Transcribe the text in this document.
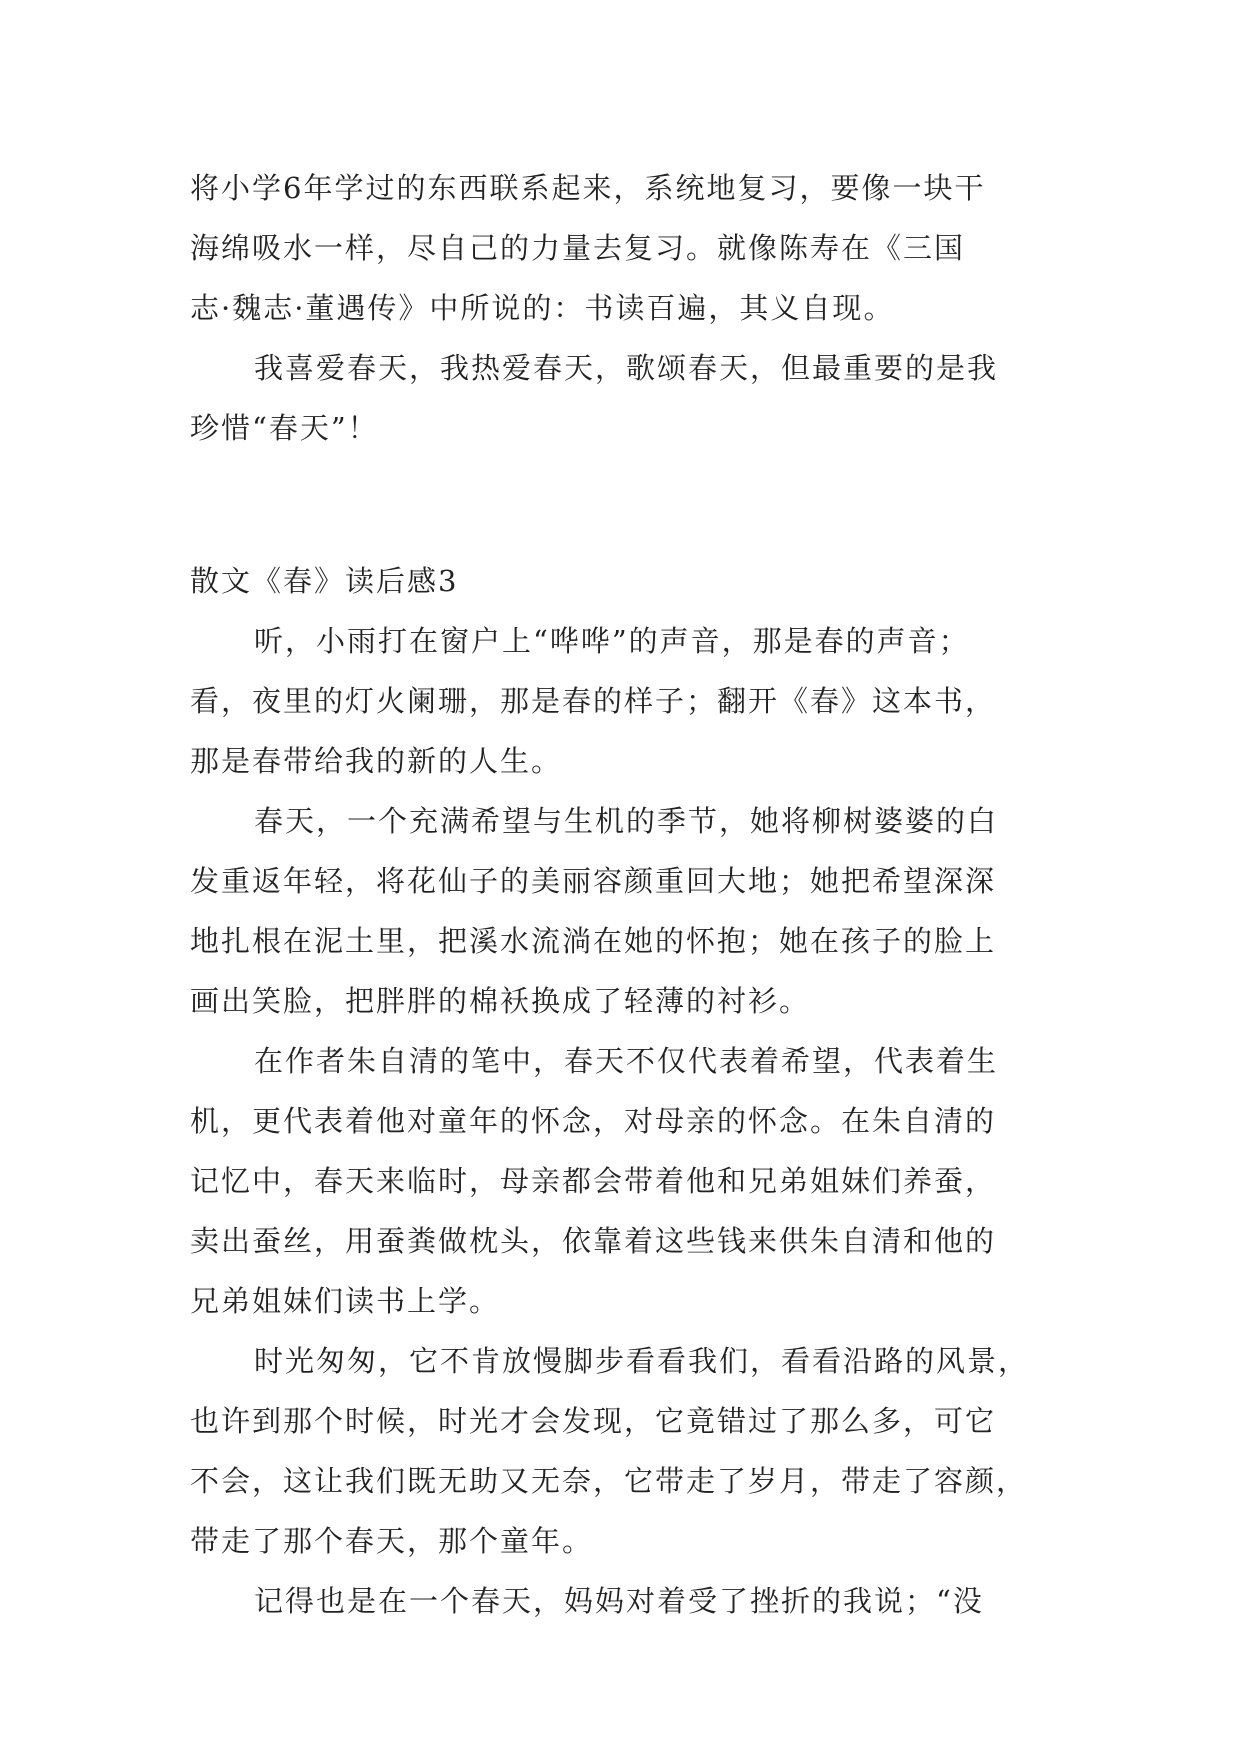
将小学6年学过的东西联系起来，系统地复习，要像一块干
海绵吸水一样，尽自己的力量去复习。就像陈寿在《三国
志·魏志·董遇传》中所说的：书读百遍，其义自现。
我喜爱春天，我热爱春天，歌颂春天，但最重要的是我
珍惜“春天”！
散文《春》读后感3
听，小雨打在窗户上“哗哗”的声音，那是春的声音；
看，夜里的灯火阑珊，那是春的样子；翻开《春》这本书，
那是春带给我的新的人生。
春天，一个充满希望与生机的季节，她将柳树婆婆的白
发重返年轻，将花仙子的美丽容颜重回大地；她把希望深深
地扎根在泥土里，把溪水流淌在她的怀抱；她在孩子的脸上
画出笑脸，把胖胖的棉袄换成了轻薄的衬衫。
在作者朱自清的笔中，春天不仅代表着希望，代表着生
机，更代表着他对童年的怀念，对母亲的怀念。在朱自清的
记忆中，春天来临时，母亲都会带着他和兄弟姐妹们养蚕，
卖出蚕丝，用蚕粪做枕头，依靠着这些钱来供朱自清和他的
兄弟姐妹们读书上学。
时光匆匆，它不肯放慢脚步看看我们，看看沿路的风景，
也许到那个时候，时光才会发现，它竟错过了那么多，可它
不会，这让我们既无助又无奈，它带走了岁月，带走了容颜，
带走了那个春天，那个童年。
记得也是在一个春天，妈妈对着受了挫折的我说；“没
